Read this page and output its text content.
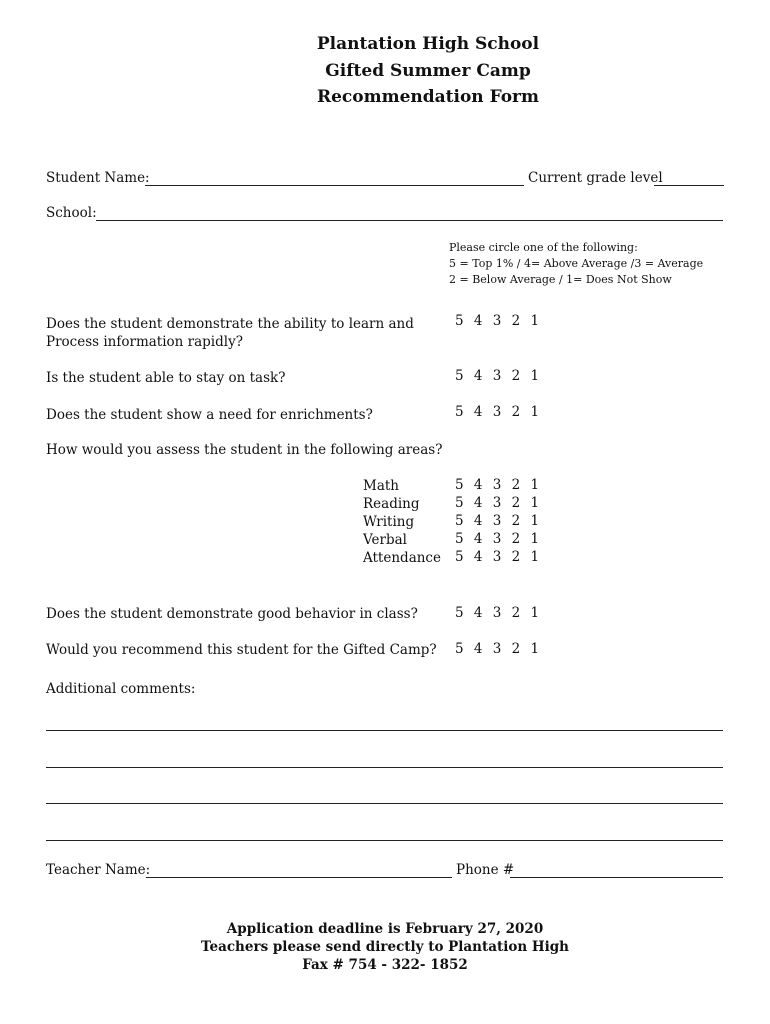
Plantation High School
Gifted Summer Camp
Recommendation Form
Student Name:	Current grade level
School:
Please circle one of the following:
5 = Top 1% / 4= Above Average /3 = Average
2 = Below Average / 1= Does Not Show
Does the student demonstrate the ability to learn and
Process information rapidly?
5 4 3 2 1
Is the student able to stay on task?	5 4 3 2 1
Does the student show a need for enrichments?	5 4 3 2 1
How would you assess the student in the following areas?
Math	5 4 3 2 1
Reading	5 4 3 2 1
Writing	5 4 3 2 1
Verbal	5 4 3 2 1
Attendance 5 4 3 2 1
Does the student demonstrate good behavior in class?	5 4 3 2 1
Would you recommend this student for the Gifted Camp? 5 4 3 2 1
Additional comments:
Teacher Name:	Phone #
Application deadline is February 27, 2020
Teachers please send directly to Plantation High
Fax # 754 - 322- 1852
